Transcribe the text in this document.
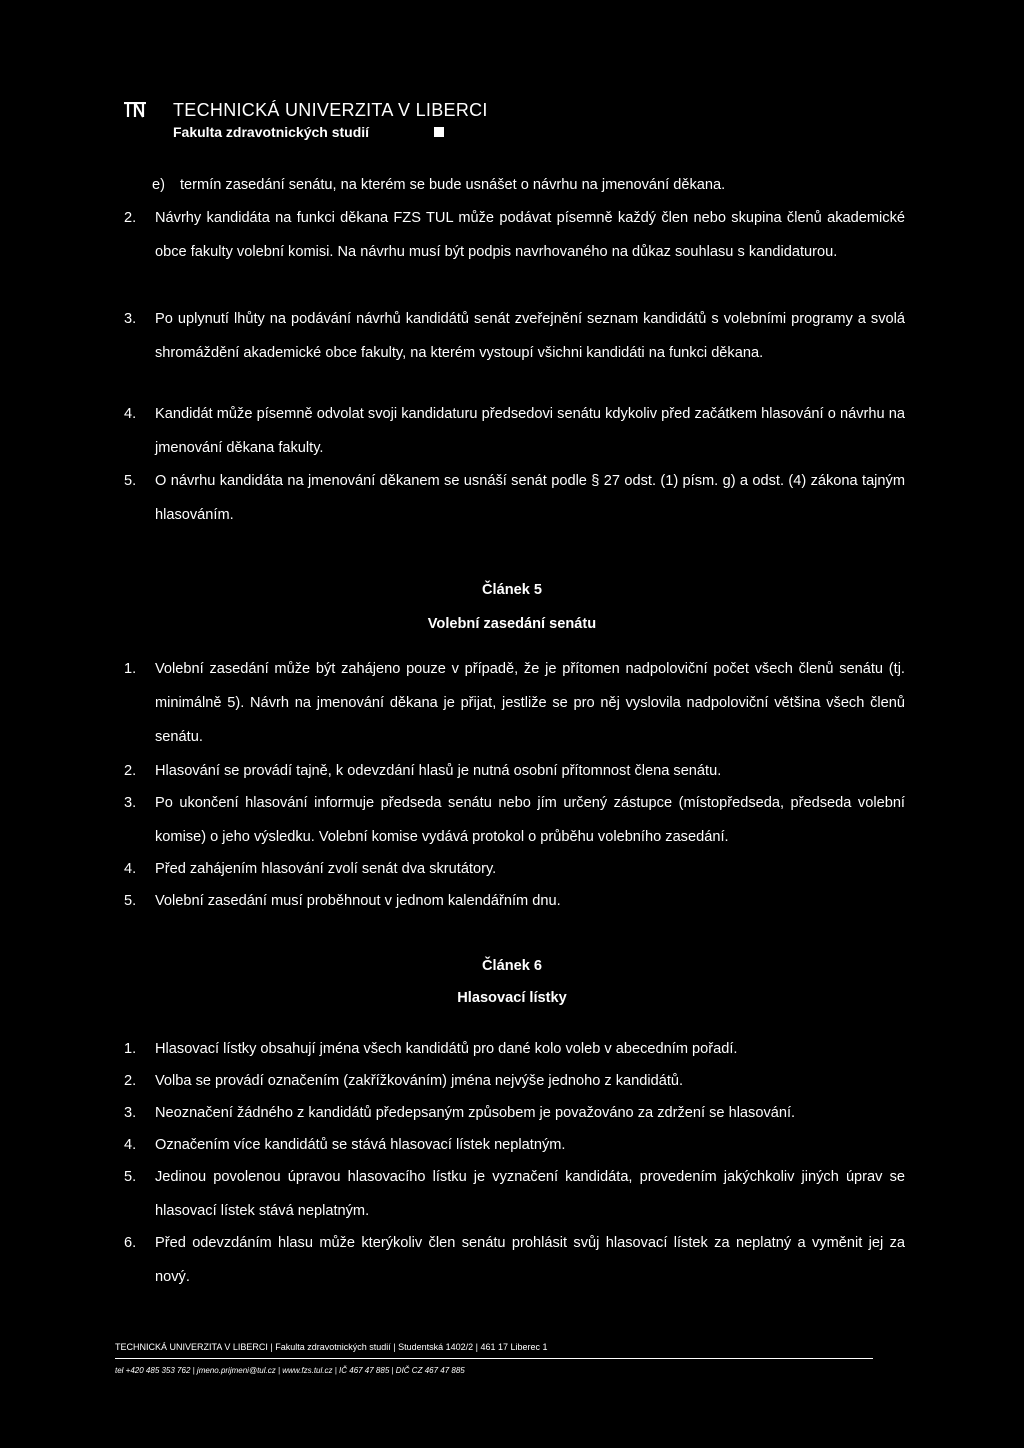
TECHNICKÁ UNIVERZITA V LIBERCI
Fakulta zdravotnických studií
e) termín zasedání senátu, na kterém se bude usnášet o návrhu na jmenování děkana.
2. Návrhy kandidáta na funkci děkana FZS TUL může podávat písemně každý člen nebo skupina členů akademické obce fakulty volební komisi. Na návrhu musí být podpis navrhovaného na důkaz souhlasu s kandidaturou.
3. Po uplynutí lhůty na podávání návrhů kandidátů senát zveřejnění seznam kandidátů s volebními programy a svolá shromáždění akademické obce fakulty, na kterém vystoupí všichni kandidáti na funkci děkana.
4. Kandidát může písemně odvolat svoji kandidaturu předsedovi senátu kdykoliv před začátkem hlasování o návrhu na jmenování děkana fakulty.
5. O návrhu kandidáta na jmenování děkanem se usnáší senát podle § 27 odst. (1) písm. g) a odst. (4) zákona tajným hlasováním.
Článek 5
Volební zasedání senátu
1. Volební zasedání může být zahájeno pouze v případě, že je přítomen nadpoloviční počet všech členů senátu (tj. minimálně 5). Návrh na jmenování děkana je přijat, jestliže se pro něj vyslovila nadpoloviční většina všech členů senátu.
2. Hlasování se provádí tajně, k odevzdání hlasů je nutná osobní přítomnost člena senátu.
3. Po ukončení hlasování informuje předseda senátu nebo jím určený zástupce (místopředseda, předseda volební komise) o jeho výsledku. Volební komise vydává protokol o průběhu volebního zasedání.
4. Před zahájením hlasování zvolí senát dva skrutátory.
5. Volební zasedání musí proběhnout v jednom kalendářním dnu.
Článek 6
Hlasovací lístky
1. Hlasovací lístky obsahují jména všech kandidátů pro dané kolo voleb v abecedním pořadí.
2. Volba se provádí označením (zakřížkováním) jména nejvýše jednoho z kandidátů.
3. Neoznačení žádného z kandidátů předepsaným způsobem je považováno za zdržení se hlasování.
4. Označením více kandidátů se stává hlasovací lístek neplatným.
5. Jedinou povolenou úpravou hlasovacího lístku je vyznačení kandidáta, provedením jakýchkoliv jiných úprav se hlasovací lístek stává neplatným.
6. Před odevzdáním hlasu může kterýkoliv člen senátu prohlásit svůj hlasovací lístek za neplatný a vyměnit jej za nový.
TECHNICKÁ UNIVERZITA V LIBERCI | Fakulta zdravotnických studií | Studentská 1402/2 | 461 17 Liberec 1
tel +420 485 353 762 | jmeno.prijmeni@tul.cz | www.fzs.tul.cz | IČ 467 47 885 | DIČ CZ 467 47 885
